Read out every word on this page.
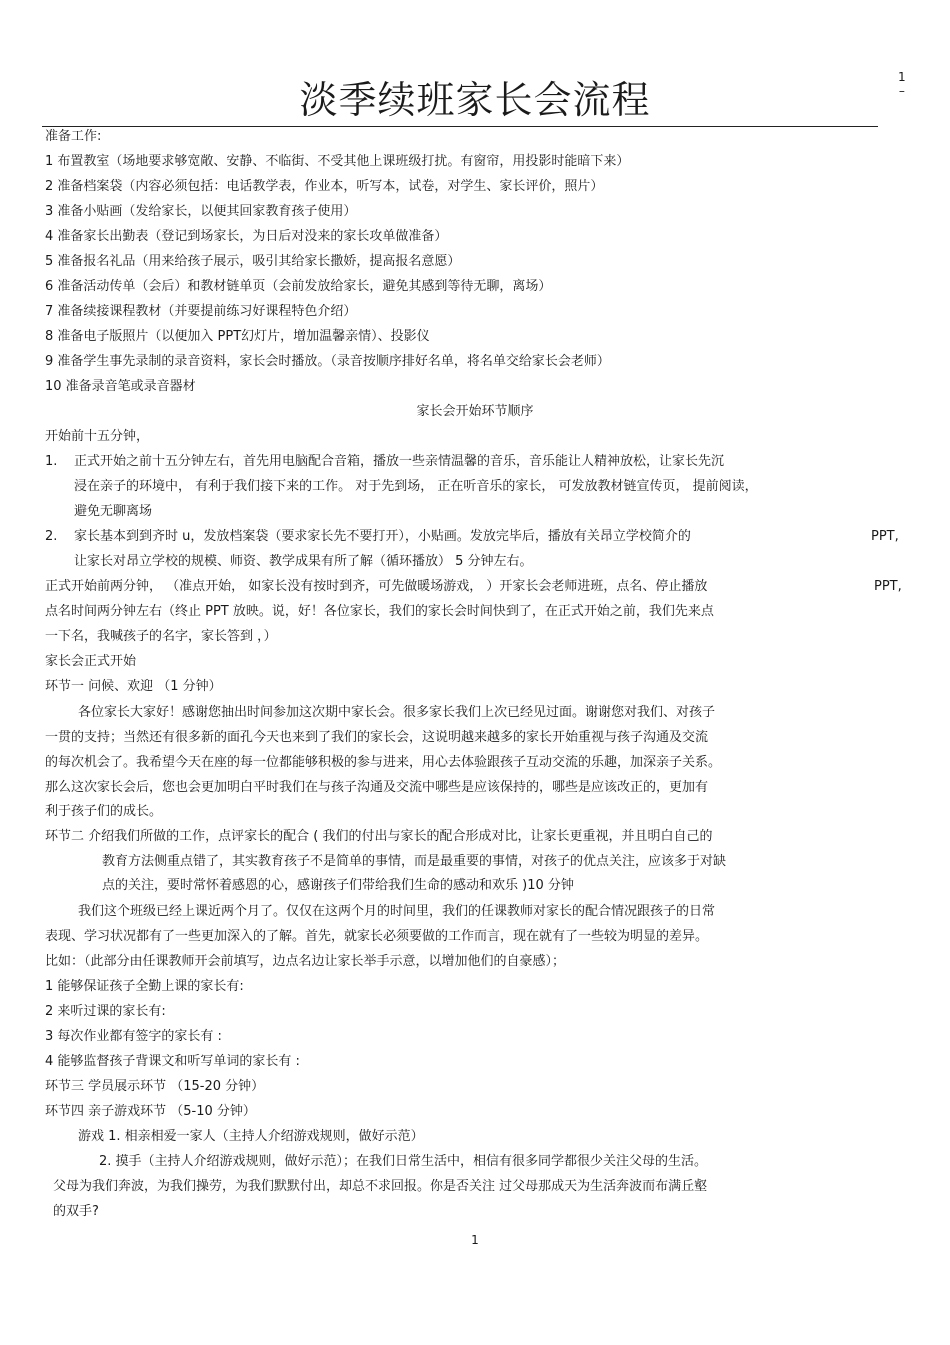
1
–
淡季续班家长会流程
准备工作:
1 布置教室（场地要求够宽敞、安静、不临街、不受其他上课班级打扰。有窗帘，用投影时能暗下来）
2 准备档案袋（内容必须包括：电话教学表，作业本，听写本，试卷，对学生、家长评价，照片）
3 准备小贴画（发给家长，以便其回家教育孩子使用）
4 准备家长出勤表（登记到场家长，为日后对没来的家长攻单做准备）
5 准备报名礼品（用来给孩子展示，吸引其给家长撒娇，提高报名意愿）
6 准备活动传单（会后）和教材链单页（会前发放给家长，避免其感到等待无聊，离场）
7 准备续接课程教材（并要提前练习好课程特色介绍）
8 准备电子版照片（以便加入 PPT幻灯片，增加温馨亲情）、投影仪
9 准备学生事先录制的录音资料，家长会时播放。（录音按顺序排好名单，将名单交给家长会老师）
10 准备录音笔或录音器材
家长会开始环节顺序
开始前十五分钟，
1. 正式开始之前十五分钟左右，首先用电脑配合音箱，播放一些亲情温馨的音乐，音乐能让人精神放松，让家长先沉
浸在亲子的环境中， 有利于我们接下来的工作。 对于先到场， 正在听音乐的家长， 可发放教材链宣传页， 提前阅读，
避免无聊离场
2. 家长基本到到齐时 u，发放档案袋（要求家长先不要打开），小贴画。发放完毕后，播放有关昂立学校简介的	PPT,
让家长对昂立学校的规模、师资、教学成果有所了解（循环播放） 5 分钟左右。
正式开始前两分钟， （准点开始， 如家长没有按时到齐，可先做暖场游戏， ）开家长会老师进班，点名、停止播放	PPT,
点名时间两分钟左右（终止 PPT 放映。说，好！各位家长，我们的家长会时间快到了，在正式开始之前，我们先来点
一下名，我喊孩子的名字，家长答到 ，）
家长会正式开始
环节一 问候、欢迎 （1 分钟）
各位家长大家好！感谢您抽出时间参加这次期中家长会。很多家长我们上次已经见过面。谢谢您对我们、对孩子
一贯的支持；当然还有很多新的面孔今天也来到了我们的家长会，这说明越来越多的家长开始重视与孩子沟通及交流
的每次机会了。我希望今天在座的每一位都能够积极的参与进来，用心去体验跟孩子互动交流的乐趣，加深亲子关系。
那么这次家长会后，您也会更加明白平时我们在与孩子沟通及交流中哪些是应该保持的，哪些是应该改正的，更加有
利于孩子们的成长。
环节二 介绍我们所做的工作，点评家长的配合 ( 我们的付出与家长的配合形成对比，让家长更重视，并且明白自己的
教育方法侧重点错了，其实教育孩子不是简单的事情，而是最重要的事情，对孩子的优点关注，应该多于对缺
点的关注，要时常怀着感恩的心，感谢孩子们带给我们生命的感动和欢乐 )10 分钟
我们这个班级已经上课近两个月了。仅仅在这两个月的时间里，我们的任课教师对家长的配合情况跟孩子的日常
表现、学习状况都有了一些更加深入的了解。首先，就家长必须要做的工作而言，现在就有了一些较为明显的差异。
比如：（此部分由任课教师开会前填写，边点名边让家长举手示意，以增加他们的自豪感）；
1 能够保证孩子全勤上课的家长有:
2 来听过课的家长有:
3 每次作业都有签字的家长有 :
4 能够监督孩子背课文和听写单词的家长有 :
环节三 学员展示环节 （15-20 分钟）
环节四 亲子游戏环节 （5-10 分钟）
游戏 1. 相亲相爱一家人（主持人介绍游戏规则，做好示范）
2. 摸手（主持人介绍游戏规则，做好示范）；在我们日常生活中，相信有很多同学都很少关注父母的生活。
父母为我们奔波，为我们操劳，为我们默默付出，却总不求回报。你是否关注 过父母那成天为生活奔波而布满丘壑
的双手?
1
